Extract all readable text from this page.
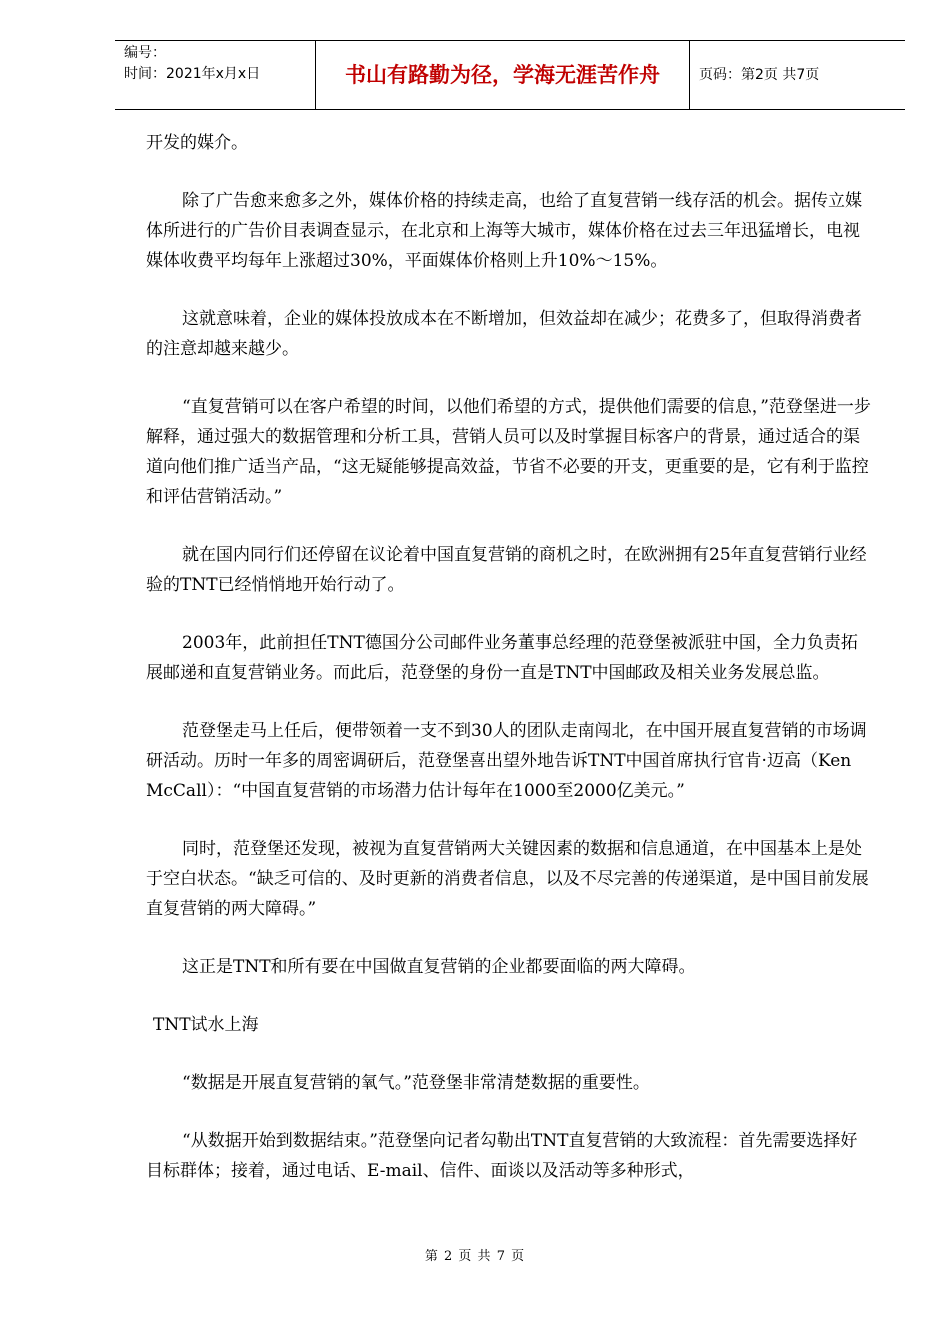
编号：
时间：2021年x月x日	书山有路勤为径，学海无涯苦作舟	页码：第2页 共7页

开发的媒介。

除了广告愈来愈多之外，媒体价格的持续走高，也给了直复营销一线存活的机会。据传立媒体所进行的广告价目表调查显示，在北京和上海等大城市，媒体价格在过去三年迅猛增长，电视媒体收费平均每年上涨超过30%，平面媒体价格则上升10%～15%。

这就意味着，企业的媒体投放成本在不断增加，但效益却在减少；花费多了，但取得消费者的注意却越来越少。

“直复营销可以在客户希望的时间，以他们希望的方式，提供他们需要的信息，”范登堡进一步解释，通过强大的数据管理和分析工具，营销人员可以及时掌握目标客户的背景，通过适合的渠道向他们推广适当产品，“这无疑能够提高效益，节省不必要的开支，更重要的是，它有利于监控和评估营销活动。”

就在国内同行们还停留在议论着中国直复营销的商机之时，在欧洲拥有25年直复营销行业经验的TNT已经悄悄地开始行动了。

2003年，此前担任TNT德国分公司邮件业务董事总经理的范登堡被派驻中国，全力负责拓展邮递和直复营销业务。而此后，范登堡的身份一直是TNT中国邮政及相关业务发展总监。

范登堡走马上任后，便带领着一支不到30人的团队走南闯北，在中国开展直复营销的市场调研活动。历时一年多的周密调研后，范登堡喜出望外地告诉TNT中国首席执行官肯·迈高（Ken McCall）：“中国直复营销的市场潜力估计每年在1000至2000亿美元。”

同时，范登堡还发现，被视为直复营销两大关键因素的数据和信息通道，在中国基本上是处于空白状态。“缺乏可信的、及时更新的消费者信息，以及不尽完善的传递渠道，是中国目前发展直复营销的两大障碍。”

这正是TNT和所有要在中国做直复营销的企业都要面临的两大障碍。

TNT试水上海

“数据是开展直复营销的氧气。”范登堡非常清楚数据的重要性。

“从数据开始到数据结束。”范登堡向记者勾勒出TNT直复营销的大致流程：首先需要选择好目标群体；接着，通过电话、E-mail、信件、面谈以及活动等多种形式，

第 2 页 共 7 页
